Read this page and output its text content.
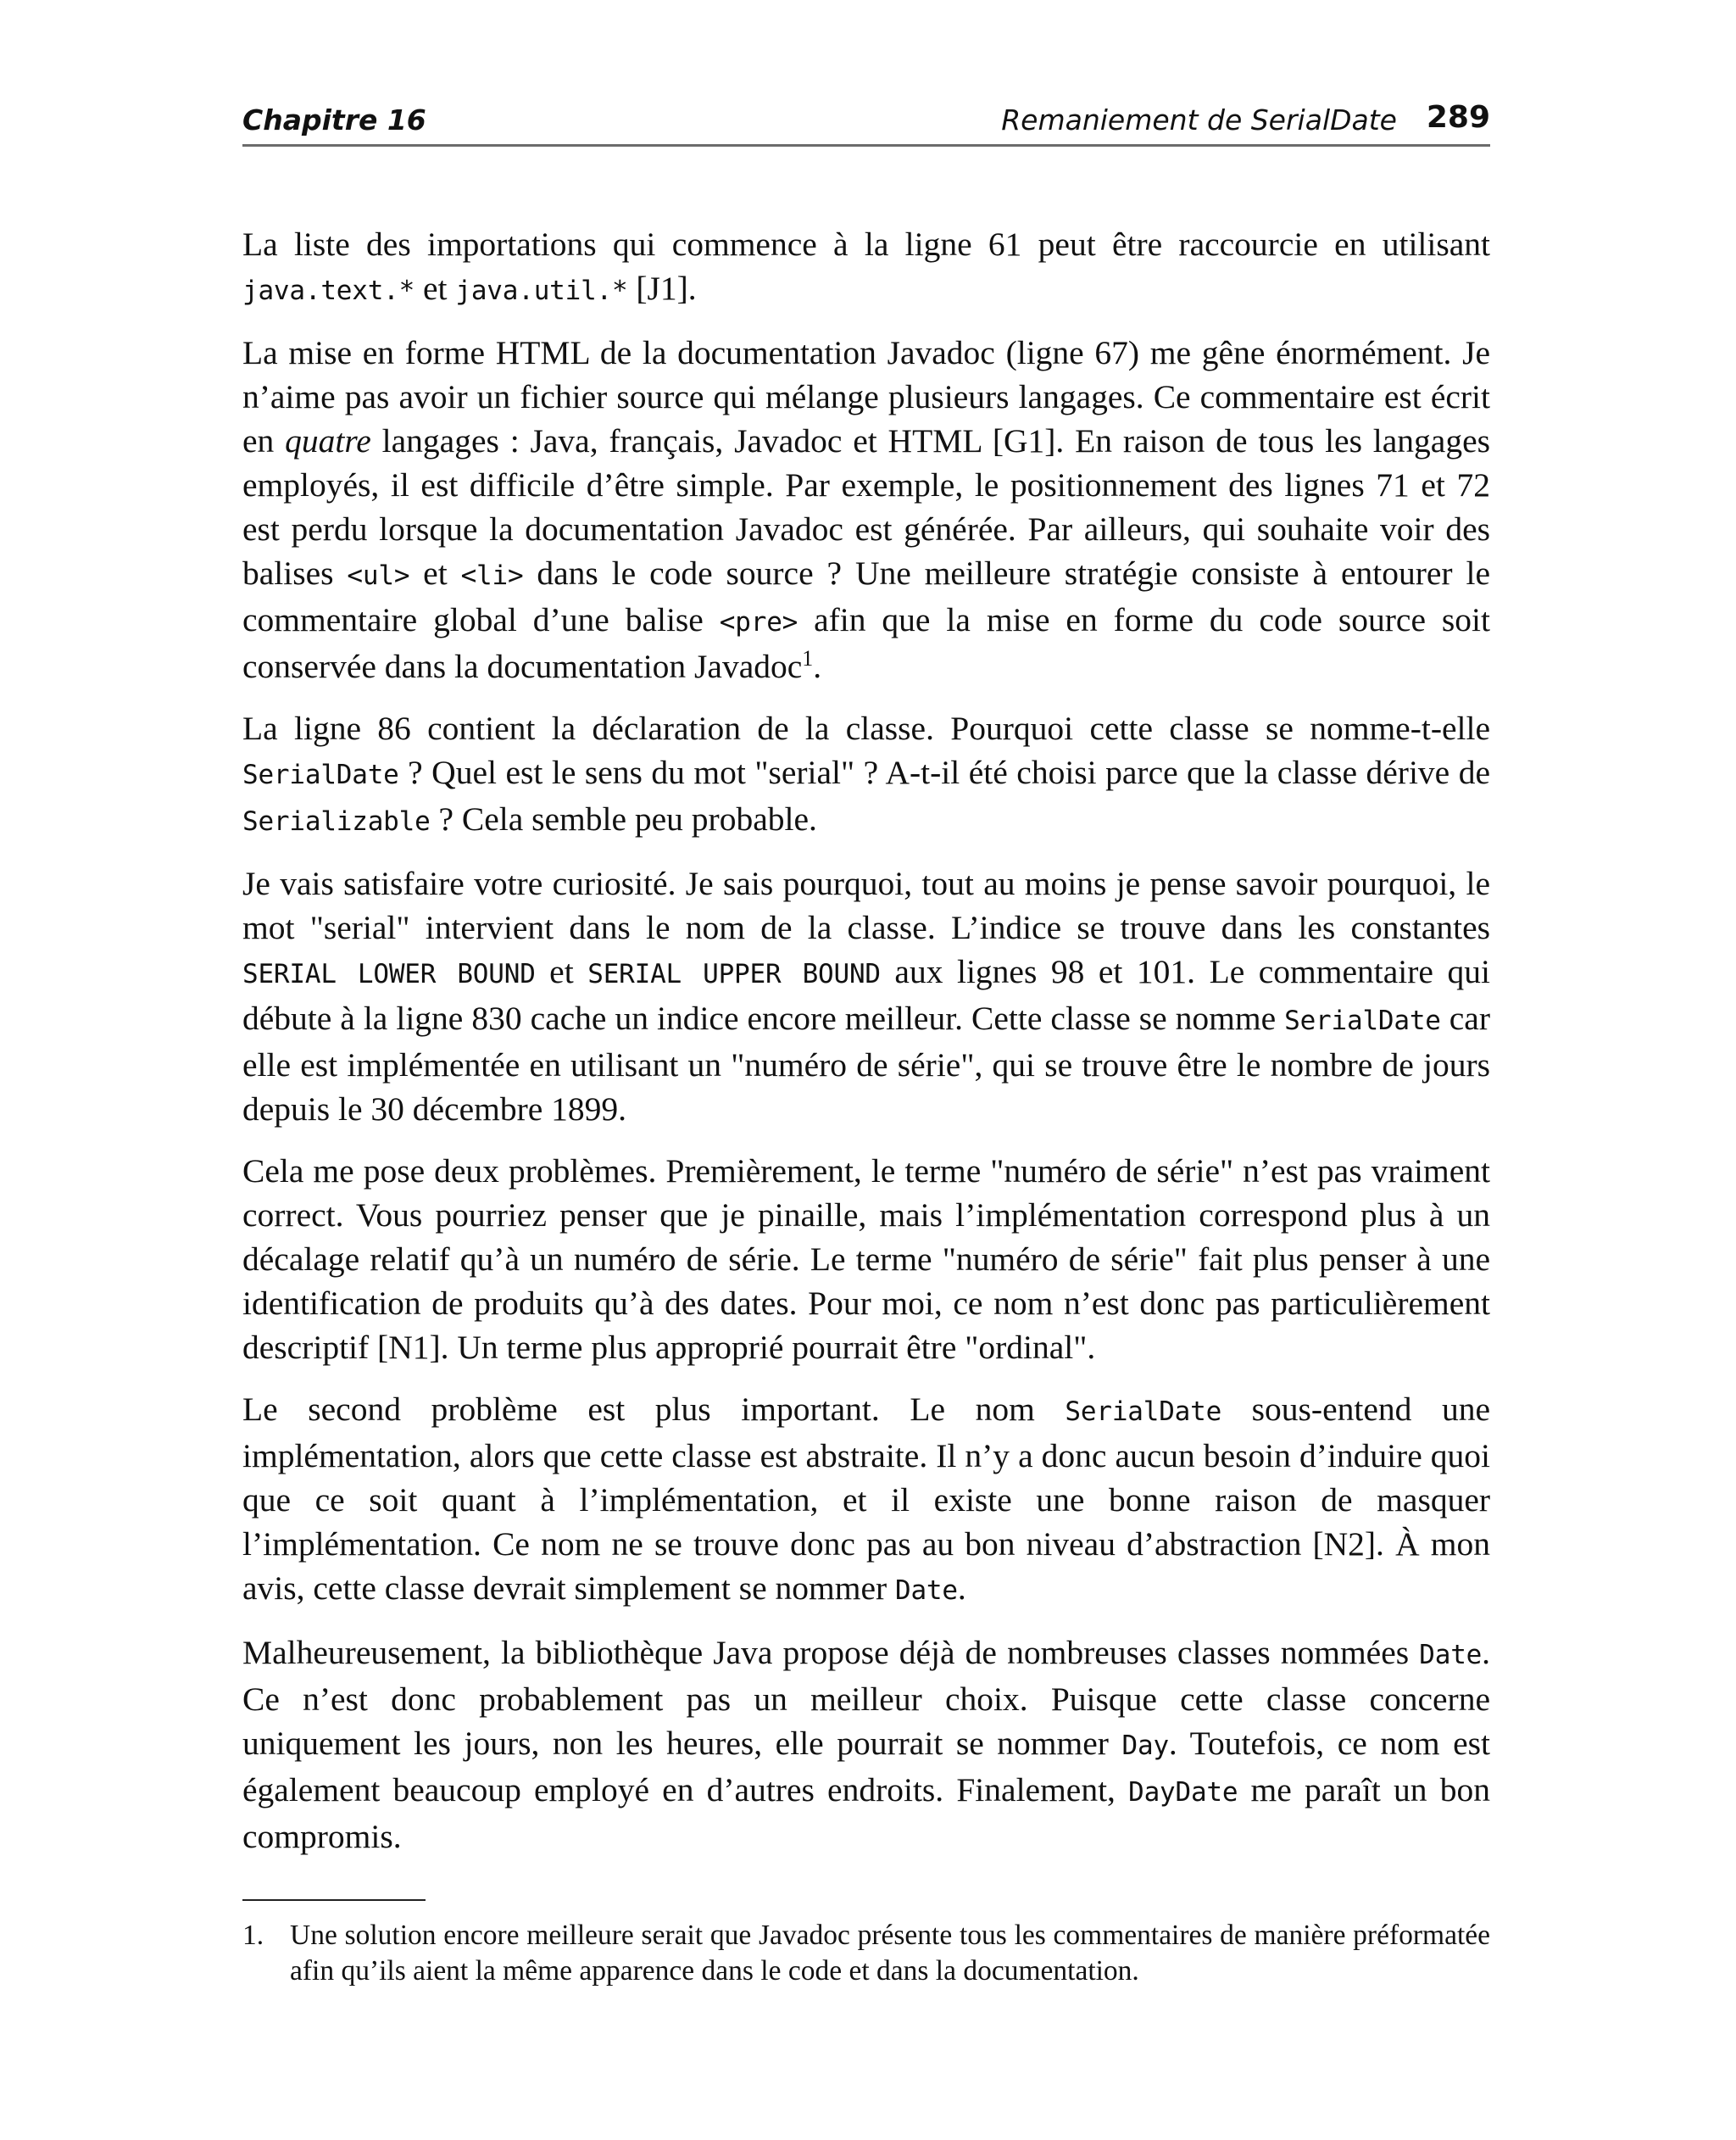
Chapitre 16	Remaniement de SerialDate 289

La liste des importations qui commence à la ligne 61 peut être raccourcie en utilisant java.text.* et java.util.* [J1].

La mise en forme HTML de la documentation Javadoc (ligne 67) me gêne énormément. Je n’aime pas avoir un fichier source qui mélange plusieurs langages. Ce commentaire est écrit en quatre langages : Java, français, Javadoc et HTML [G1]. En raison de tous les langages employés, il est difficile d’être simple. Par exemple, le positionnement des lignes 71 et 72 est perdu lorsque la documentation Javadoc est générée. Par ailleurs, qui souhaite voir des balises <ul> et <li> dans le code source ? Une meilleure stratégie consiste à entourer le commentaire global d’une balise <pre> afin que la mise en forme du code source soit conservée dans la documentation Javadoc$^1$.

La ligne 86 contient la déclaration de la classe. Pourquoi cette classe se nomme-t-elle SerialDate ? Quel est le sens du mot "serial" ? A-t-il été choisi parce que la classe dérive de Serializable ? Cela semble peu probable.

Je vais satisfaire votre curiosité. Je sais pourquoi, tout au moins je pense savoir pourquoi, le mot "serial" intervient dans le nom de la classe. L’indice se trouve dans les constantes SERIAL LOWER BOUND et SERIAL UPPER BOUND aux lignes 98 et 101. Le commentaire qui débute à la ligne 830 cache un indice encore meilleur. Cette classe se nomme SerialDate car elle est implémentée en utilisant un "numéro de série", qui se trouve être le nombre de jours depuis le 30 décembre 1899.

Cela me pose deux problèmes. Premièrement, le terme "numéro de série" n’est pas vraiment correct. Vous pourriez penser que je pinaille, mais l’implémentation correspond plus à un décalage relatif qu’à un numéro de série. Le terme "numéro de série" fait plus penser à une identification de produits qu’à des dates. Pour moi, ce nom n’est donc pas particulièrement descriptif [N1]. Un terme plus approprié pourrait être "ordinal".

Le second problème est plus important. Le nom SerialDate sous-entend une implémentation, alors que cette classe est abstraite. Il n’y a donc aucun besoin d’induire quoi que ce soit quant à l’implémentation, et il existe une bonne raison de masquer l’implémentation. Ce nom ne se trouve donc pas au bon niveau d’abstraction [N2]. À mon avis, cette classe devrait simplement se nommer Date.

Malheureusement, la bibliothèque Java propose déjà de nombreuses classes nommées Date. Ce n’est donc probablement pas un meilleur choix. Puisque cette classe concerne uniquement les jours, non les heures, elle pourrait se nommer Day. Toutefois, ce nom est également beaucoup employé en d’autres endroits. Finalement, DayDate me paraît un bon compromis.

1. Une solution encore meilleure serait que Javadoc présente tous les commentaires de manière préformatée afin qu’ils aient la même apparence dans le code et dans la documentation.
